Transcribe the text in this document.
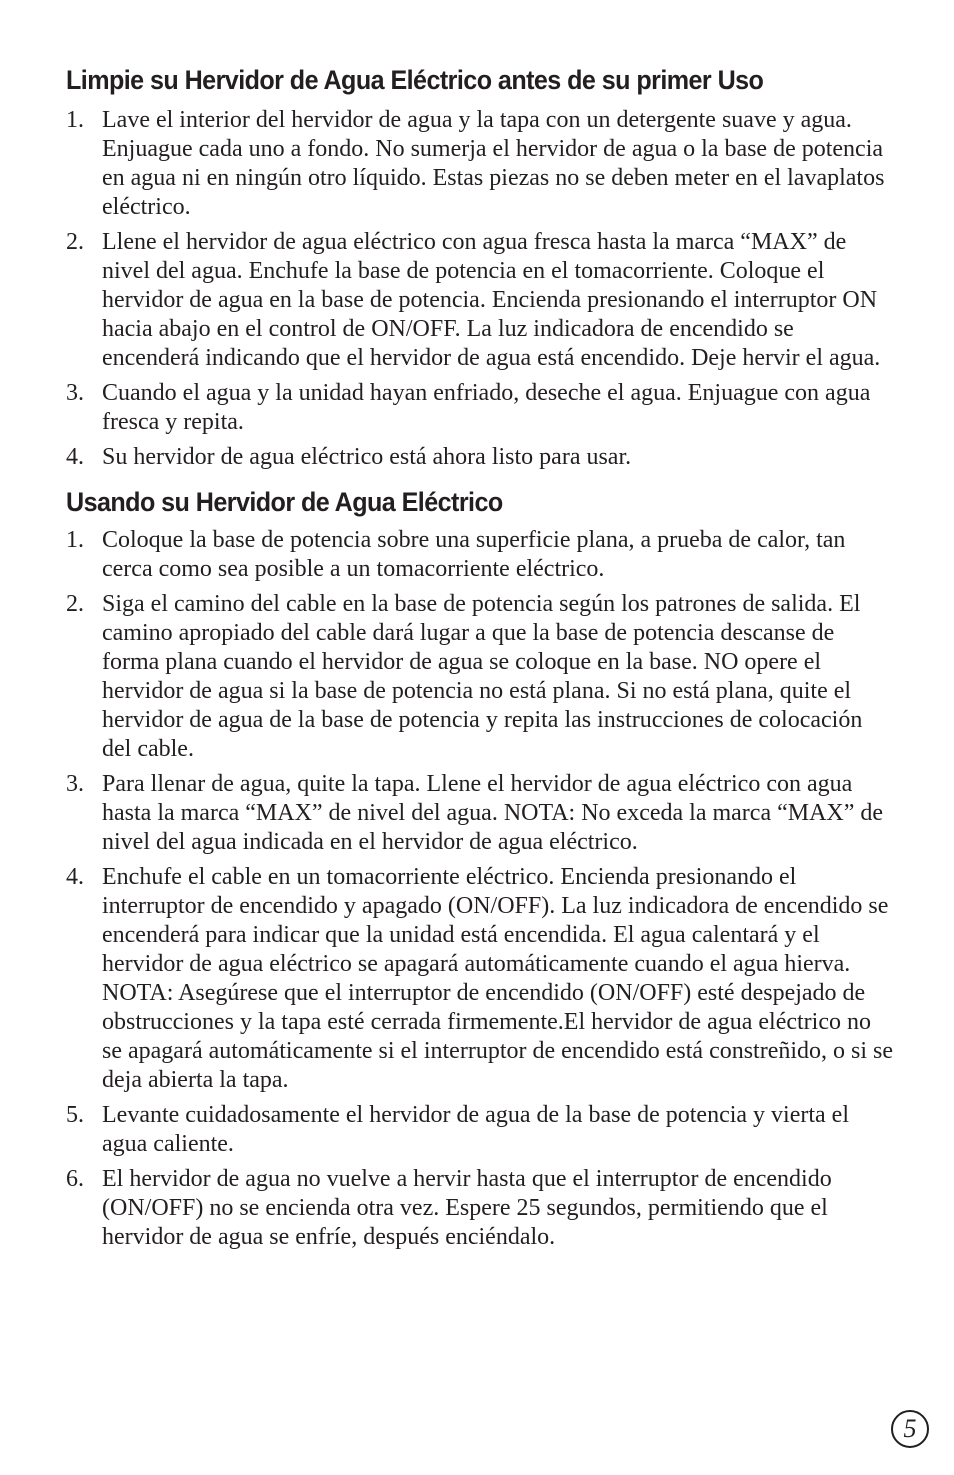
Limpie su Hervidor de Agua Eléctrico antes de su primer Uso
1. Lave el interior del hervidor de agua y la tapa con un detergente suave y agua. Enjuague cada uno a fondo. No sumerja el hervidor de agua o la base de potencia en agua ni en ningún otro líquido. Estas piezas no se deben meter en el lavaplatos eléctrico.
2. Llene el hervidor de agua eléctrico con agua fresca hasta la marca “MAX” de nivel del agua. Enchufe la base de potencia en el tomacorriente. Coloque el hervidor de agua en la base de potencia. Encienda presionando el interruptor ON hacia abajo en el control de ON/OFF. La luz indicadora de encendido se encenderá indicando que el hervidor de agua está encendido. Deje hervir el agua.
3. Cuando el agua y la unidad hayan enfriado, deseche el agua. Enjuague con agua fresca y repita.
4. Su hervidor de agua eléctrico está ahora listo para usar.
Usando su Hervidor de Agua Eléctrico
1. Coloque la base de potencia sobre una superficie plana, a prueba de calor, tan cerca como sea posible a un tomacorriente eléctrico.
2. Siga el camino del cable en la base de potencia según los patrones de salida. El camino apropiado del cable dará lugar a que la base de potencia descanse de forma plana cuando el hervidor de agua se coloque en la base. NO opere el hervidor de agua si la base de potencia no está plana. Si no está plana, quite el hervidor de agua de la base de potencia y repita las instrucciones de colocación del cable.
3. Para llenar de agua, quite la tapa. Llene el hervidor de agua eléctrico con agua hasta la marca “MAX” de nivel del agua. NOTA: No exceda la marca “MAX” de nivel del agua indicada en el hervidor de agua eléctrico.
4. Enchufe el cable en un tomacorriente eléctrico. Encienda presionando el interruptor de encendido y apagado (ON/OFF). La luz indicadora de encendido se encenderá para indicar que la unidad está encendida. El agua calentará y el hervidor de agua eléctrico se apagará automáticamente cuando el agua hierva. NOTA: Asegúrese que el interruptor de encendido (ON/OFF) esté despejado de obstrucciones y la tapa esté cerrada firmemente.El hervidor de agua eléctrico no se apagará automáticamente si el interruptor de encendido está constreñido, o si se deja abierta la tapa.
5. Levante cuidadosamente el hervidor de agua de la base de potencia y vierta el agua caliente.
6. El hervidor de agua no vuelve a hervir hasta que el interruptor de encendido (ON/OFF) no se encienda otra vez. Espere 25 segundos, permitiendo que el hervidor de agua se enfríe, después enciéndalo.
5
